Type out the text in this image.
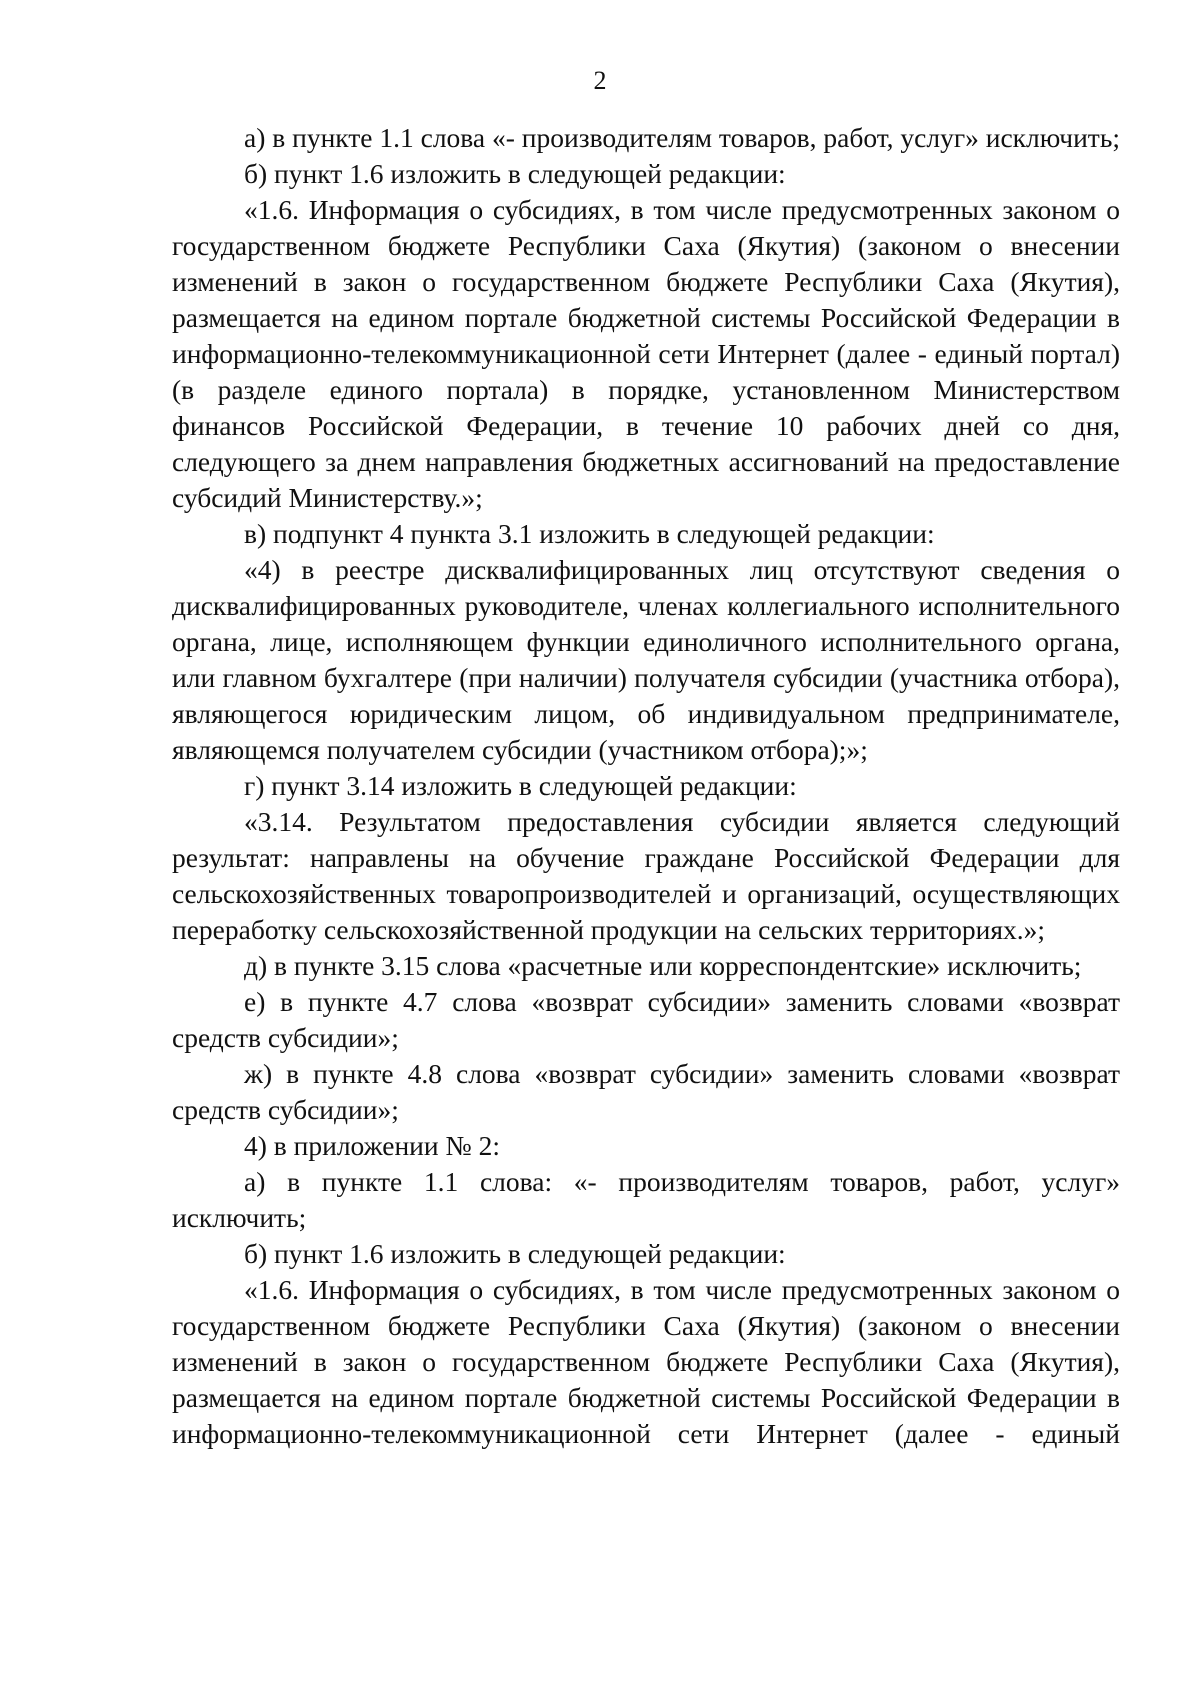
2

а) в пункте 1.1 слова «- производителям товаров, работ, услуг» исключить;

б) пункт 1.6 изложить в следующей редакции:

«1.6. Информация о субсидиях, в том числе предусмотренных законом о государственном бюджете Республики Саха (Якутия) (законом о внесении изменений в закон о государственном бюджете Республики Саха (Якутия), размещается на едином портале бюджетной системы Российской Федерации в информационно-телекоммуникационной сети Интернет (далее - единый портал) (в разделе единого портала) в порядке, установленном Министерством финансов Российской Федерации, в течение 10 рабочих дней со дня, следующего за днем направления бюджетных ассигнований на предоставление субсидий Министерству.»;

в) подпункт 4 пункта 3.1 изложить в следующей редакции:

«4) в реестре дисквалифицированных лиц отсутствуют сведения о дисквалифицированных руководителе, членах коллегиального исполнительного органа, лице, исполняющем функции единоличного исполнительного органа, или главном бухгалтере (при наличии) получателя субсидии (участника отбора), являющегося юридическим лицом, об индивидуальном предпринимателе, являющемся получателем субсидии (участником отбора);»;

г) пункт 3.14 изложить в следующей редакции:

«3.14. Результатом предоставления субсидии является следующий результат: направлены на обучение граждане Российской Федерации для сельскохозяйственных товаропроизводителей и организаций, осуществляющих переработку сельскохозяйственной продукции на сельских территориях.»;

д) в пункте 3.15 слова «расчетные или корреспондентские» исключить;

е) в пункте 4.7 слова «возврат субсидии» заменить словами «возврат средств субсидии»;

ж) в пункте 4.8 слова «возврат субсидии» заменить словами «возврат средств субсидии»;

4) в приложении № 2:

а) в пункте 1.1 слова: «- производителям товаров, работ, услуг» исключить;

б) пункт 1.6 изложить в следующей редакции:

«1.6. Информация о субсидиях, в том числе предусмотренных законом о государственном бюджете Республики Саха (Якутия) (законом о внесении изменений в закон о государственном бюджете Республики Саха (Якутия), размещается на едином портале бюджетной системы Российской Федерации в информационно-телекоммуникационной сети Интернет (далее - единый
